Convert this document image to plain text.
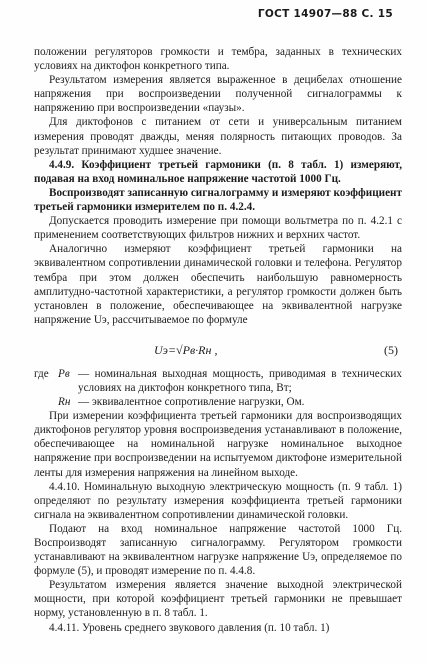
ГОСТ 14907—88 С. 15

положении регуляторов громкости и тембра, заданных в технических условиях на диктофон конкретного типа.

Результатом измерения является выраженное в децибелах отношение напряжения при воспроизведении полученной сигналограммы к напряжению при воспроизведении «паузы».

Для диктофонов с питанием от сети и универсальным питанием измерения проводят дважды, меняя полярность питающих проводов. За результат принимают худшее значение.

4.4.9. Коэффициент третьей гармоники (п. 8 табл. 1) измеряют, подавая на вход номинальное напряжение частотой 1000 Гц.

Воспроизводят записанную сигналограмму и измеряют коэффициент третьей гармоники измерителем по п. 4.2.4.

Допускается проводить измерение при помощи вольтметра по п. 4.2.1 с применением соответствующих фильтров нижних и верхних частот.

Аналогично измеряют коэффициент третьей гармоники на эквивалентном сопротивлении динамической головки и телефона. Регулятор тембра при этом должен обеспечить наибольшую равномерность амплитудно-частотной характеристики, а регулятор громкости должен быть установлен в положение, обеспечивающее на эквивалентной нагрузке напряжение Uэ, рассчитываемое по формуле

Uэ=√Pв·Rн ,	(5)
где Pв — номинальная выходная мощность, приводимая в технических условиях на диктофон конкретного типа, Вт;
Rн — эквивалентное сопротивление нагрузки, Ом.

При измерении коэффициента третьей гармоники для воспроизводящих диктофонов регулятор уровня воспроизведения устанавливают в положение, обеспечивающее на номинальной нагрузке номинальное выходное напряжение при воспроизведении на испытуемом диктофоне измерительной ленты для измерения напряжения на линейном выходе.

4.4.10. Номинальную выходную электрическую мощность (п. 9 табл. 1) определяют по результату измерения коэффициента третьей гармоники сигнала на эквивалентном сопротивлении динамической головки.

Подают на вход номинальное напряжение частотой 1000 Гц. Воспроизводят записанную сигналограмму. Регулятором громкости устанавливают на эквивалентном нагрузке напряжение Uэ, определяемое по формуле (5), и проводят измерение по п. 4.4.8.

Результатом измерения является значение выходной электрической мощности, при которой коэффициент третьей гармоники не превышает норму, установленную в п. 8 табл. 1.

4.4.11. Уровень среднего звукового давления (п. 10 табл. 1)
